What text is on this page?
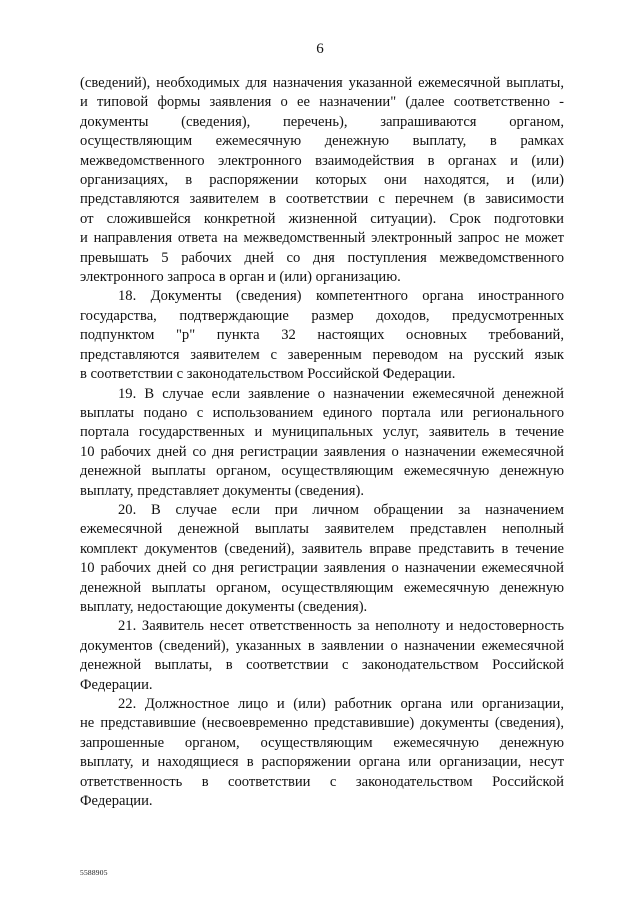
6

(сведений), необходимых для назначения указанной ежемесячной выплаты,
и типовой формы заявления о ее назначении" (далее соответственно -
документы (сведения), перечень), запрашиваются органом,
осуществляющим ежемесячную денежную выплату, в рамках
межведомственного электронного взаимодействия в органах и (или)
организациях, в распоряжении которых они находятся, и (или)
представляются заявителем в соответствии с перечнем (в зависимости
от сложившейся конкретной жизненной ситуации). Срок подготовки
и направления ответа на межведомственный электронный запрос не может
превышать 5 рабочих дней со дня поступления межведомственного
электронного запроса в орган и (или) организацию.

18. Документы (сведения) компетентного органа иностранного
государства, подтверждающие размер доходов, предусмотренных
подпунктом "р" пункта 32 настоящих основных требований,
представляются заявителем с заверенным переводом на русский язык
в соответствии с законодательством Российской Федерации.

19. В случае если заявление о назначении ежемесячной денежной
выплаты подано с использованием единого портала или регионального
портала государственных и муниципальных услуг, заявитель в течение
10 рабочих дней со дня регистрации заявления о назначении ежемесячной
денежной выплаты органом, осуществляющим ежемесячную денежную
выплату, представляет документы (сведения).

20. В случае если при личном обращении за назначением
ежемесячной денежной выплаты заявителем представлен неполный
комплект документов (сведений), заявитель вправе представить в течение
10 рабочих дней со дня регистрации заявления о назначении ежемесячной
денежной выплаты органом, осуществляющим ежемесячную денежную
выплату, недостающие документы (сведения).

21. Заявитель несет ответственность за неполноту и недостоверность
документов (сведений), указанных в заявлении о назначении ежемесячной
денежной выплаты, в соответствии с законодательством Российской
Федерации.

22. Должностное лицо и (или) работник органа или организации,
не представившие (несвоевременно представившие) документы (сведения),
запрошенные органом, осуществляющим ежемесячную денежную
выплату, и находящиеся в распоряжении органа или организации, несут
ответственность в соответствии с законодательством Российской
Федерации.

5588905
